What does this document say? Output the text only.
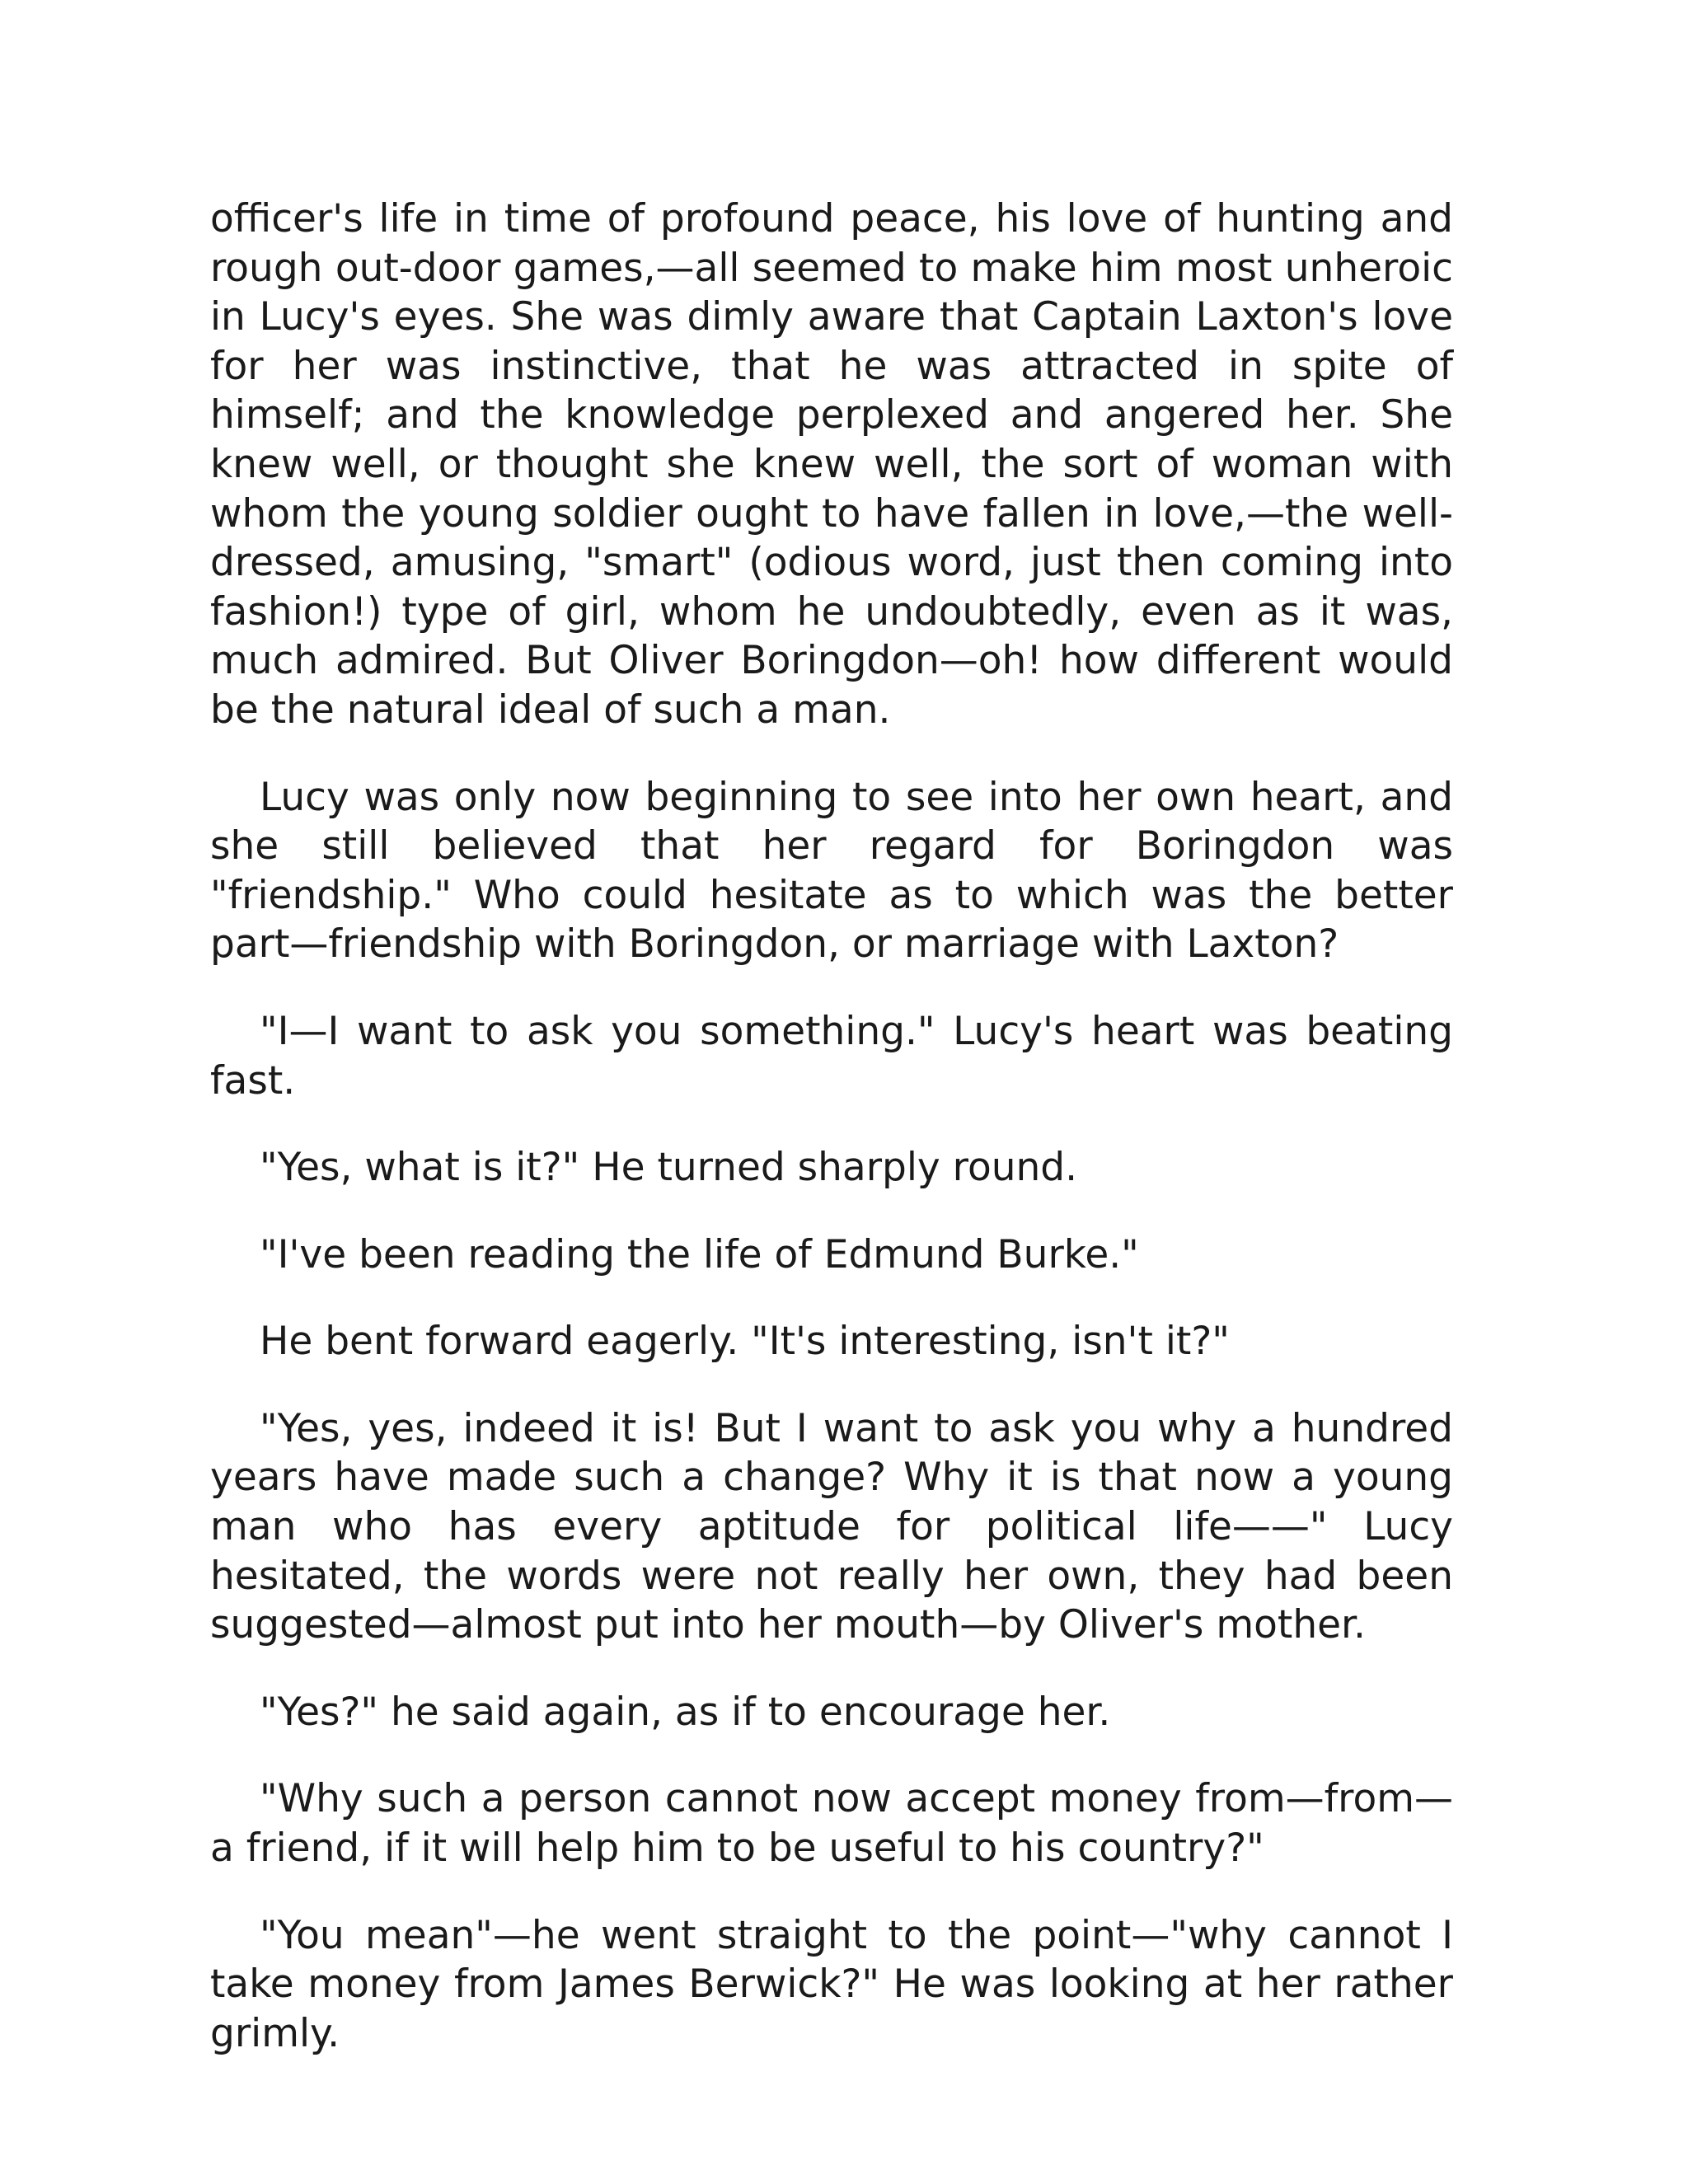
officer's life in time of profound peace, his love of hunting and rough out-door games,—all seemed to make him most unheroic in Lucy's eyes. She was dimly aware that Captain Laxton's love for her was instinctive, that he was attracted in spite of himself; and the knowledge perplexed and angered her. She knew well, or thought she knew well, the sort of woman with whom the young soldier ought to have fallen in love,—the well-dressed, amusing, "smart" (odious word, just then coming into fashion!) type of girl, whom he undoubtedly, even as it was, much admired. But Oliver Boringdon—oh! how different would be the natural ideal of such a man.

Lucy was only now beginning to see into her own heart, and she still believed that her regard for Boringdon was "friendship." Who could hesitate as to which was the better part—friendship with Boringdon, or marriage with Laxton?

"I—I want to ask you something." Lucy's heart was beating fast.

"Yes, what is it?" He turned sharply round.

"I've been reading the life of Edmund Burke."

He bent forward eagerly. "It's interesting, isn't it?"

"Yes, yes, indeed it is! But I want to ask you why a hundred years have made such a change? Why it is that now a young man who has every aptitude for political life——" Lucy hesitated, the words were not really her own, they had been suggested—almost put into her mouth—by Oliver's mother.

"Yes?" he said again, as if to encourage her.

"Why such a person cannot now accept money from—from—a friend, if it will help him to be useful to his country?"

"You mean"—he went straight to the point—"why cannot I take money from James Berwick?" He was looking at her rather grimly.
